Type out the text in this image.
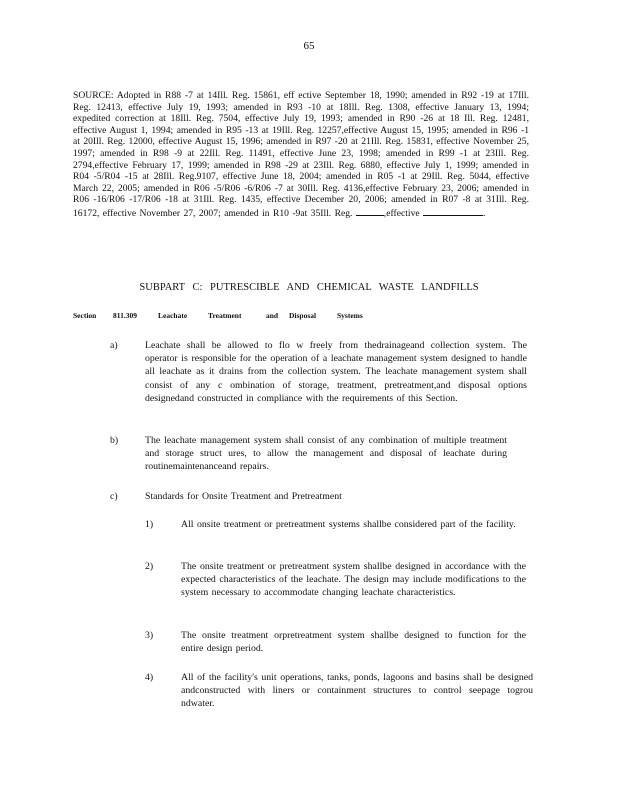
65
SOURCE: Adopted in R88 -7 at 14Ill. Reg. 15861, eff ective September 18, 1990; amended in R92 -19 at 17Ill. Reg. 12413, effective July 19, 1993; amended in R93 -10 at 18Ill. Reg. 1308, effective January 13, 1994; expedited correction at 18Ill. Reg. 7504, effective July 19, 1993; amended in R90 -26 at 18 Ill. Reg. 12481, effective August 1, 1994; amended in R95 -13 at 19Ill. Reg. 12257,effective August 15, 1995; amended in R96 -1 at 20Ill. Reg. 12000, effective August 15, 1996; amended in R97 -20 at 21Ill. Reg. 15831, effective November 25, 1997; amended in R98 -9 at 22Ill. Reg. 11491, effective June 23, 1998; amended in R99 -1 at 23Ill. Reg. 2794,effective February 17, 1999; amended in R98 -29 at 23Ill. Reg. 6880, effective July 1, 1999; amended in R04 -5/R04 -15 at 28Ill. Reg.9107, effective June 18, 2004; amended in R05 -1 at 29Ill. Reg. 5044, effective March 22, 2005; amended in R06 -5/R06 -6/R06 -7 at 30Ill. Reg. 4136,effective February 23, 2006; amended in R06 -16/R06 -17/R06 -18 at 31Ill. Reg. 1435, effective December 20, 2006; amended in R07 -8 at 31Ill. Reg. 16172, effective November 27, 2007; amended in R10 -9at 35Ill. Reg.	,effective	.
SUBPART C: PUTRESCIBLE AND CHEMICAL WASTE LANDFILLS
Section 811.309	Leachate	Treatment	and Disposal	Systems
a)	Leachate shall be allowed to flo w freely from thedrainageand collection system. The operator is responsible for the operation of a leachate management system designed to handle all leachate as it drains from the collection system. The leachate management system shall consist of any c ombination of storage, treatment, pretreatment,and disposal options designedand constructed in compliance with the requirements of this Section.
b)	The leachate management system shall consist of any combination of multiple treatment and storage struct ures, to allow the management and disposal of leachate during routinemaintenanceand repairs.
c)	Standards for Onsite Treatment and Pretreatment
1)	All onsite treatment or pretreatment systems shallbe considered part of the facility.
2)	The onsite treatment or pretreatment system shallbe designed in accordance with the expected characteristics of the leachate. The design may include modifications to the system necessary to accommodate changing leachate characteristics.
3)	The onsite treatment orpretreatment system shallbe designed to function for the entire design period.
4)	All of the facility's unit operations, tanks, ponds, lagoons and basins shall be designed andconstructed with liners or containment structures to control seepage togrou ndwater.
